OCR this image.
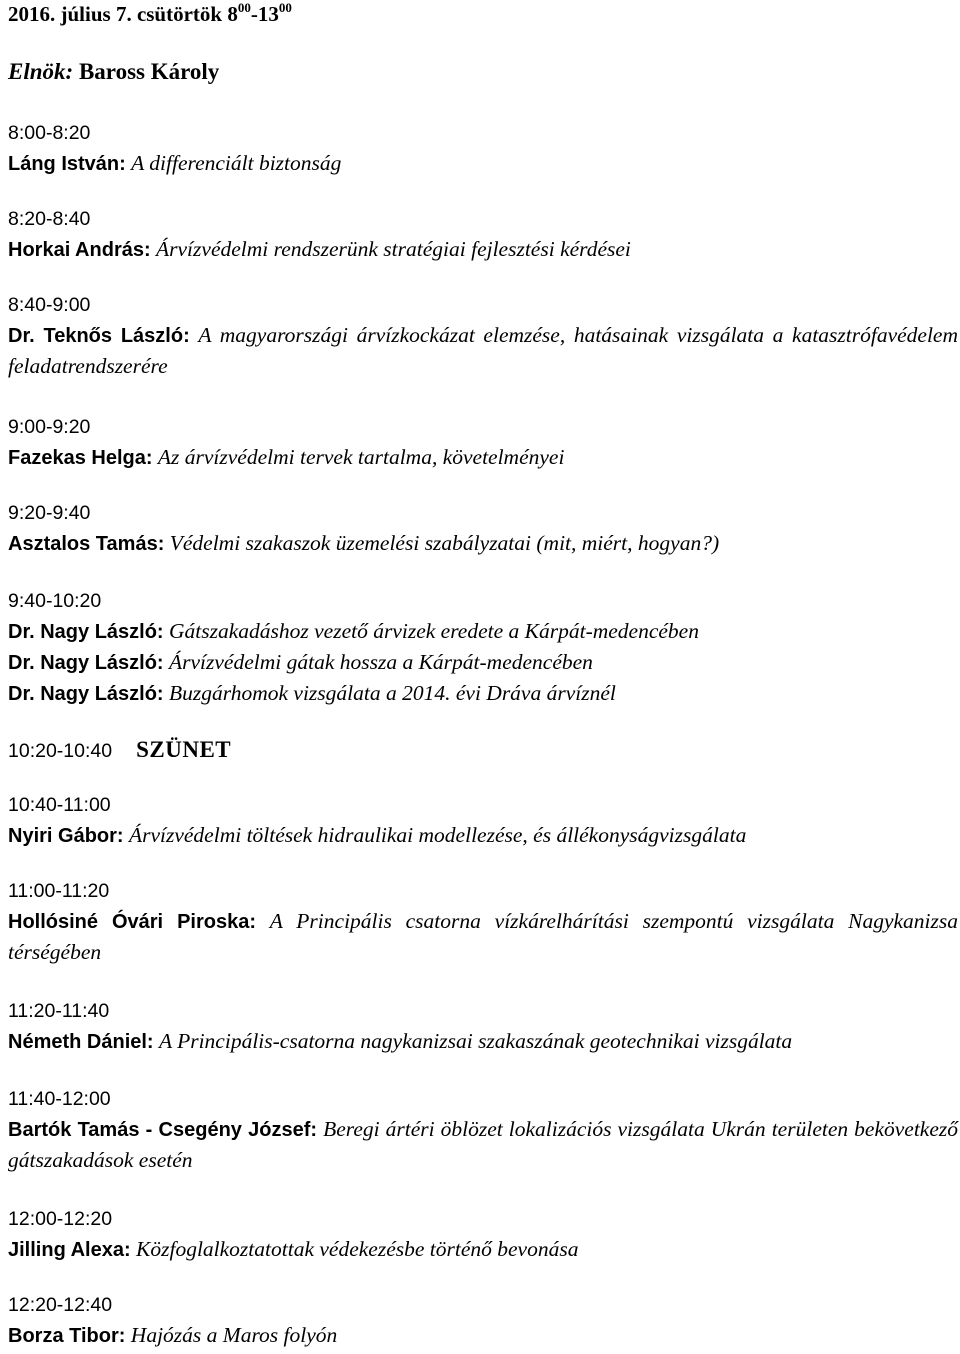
2016. július 7. csütörtök $8^{00}-13^{00}$
Elnök: Baross Károly
8:00-8:20
Láng István: A differenciált biztonság
8:20-8:40
Horkai András: Árvízvédelmi rendszerünk stratégiai fejlesztési kérdései
8:40-9:00
Dr. Teknős László: A magyarországi árvízkockázat elemzése, hatásainak vizsgálata a katasztrófavédelem feladatrendszerére
9:00-9:20
Fazekas Helga: Az árvízvédelmi tervek tartalma, követelményei
9:20-9:40
Asztalos Tamás: Védelmi szakaszok üzemelési szabályzatai (mit, miért, hogyan?)
9:40-10:20
Dr. Nagy László: Gátszakadáshoz vezető árvizek eredete a Kárpát-medencében
Dr. Nagy László: Árvízvédelmi gátak hossza a Kárpát-medencében
Dr. Nagy László: Buzgárhomok vizsgálata a 2014. évi Dráva árvíznél
10:20-10:40 SZÜNET
10:40-11:00
Nyiri Gábor: Árvízvédelmi töltések hidraulikai modellezése, és állékonyságvizsgálata
11:00-11:20
Hollósiné Óvári Piroska: A Principális csatorna vízkárelhárítási szempontú vizsgálata Nagykanizsa térségében
11:20-11:40
Németh Dániel: A Principális-csatorna nagykanizsai szakaszának geotechnikai vizsgálata
11:40-12:00
Bartók Tamás - Csegény József: Beregi ártéri öblözet lokalizációs vizsgálata Ukrán területen bekövetkező gátszakadások esetén
12:00-12:20
Jilling Alexa: Közfoglalkoztatottak védekezésbe történő bevonása
12:20-12:40
Borza Tibor: Hajózás a Maros folyón
